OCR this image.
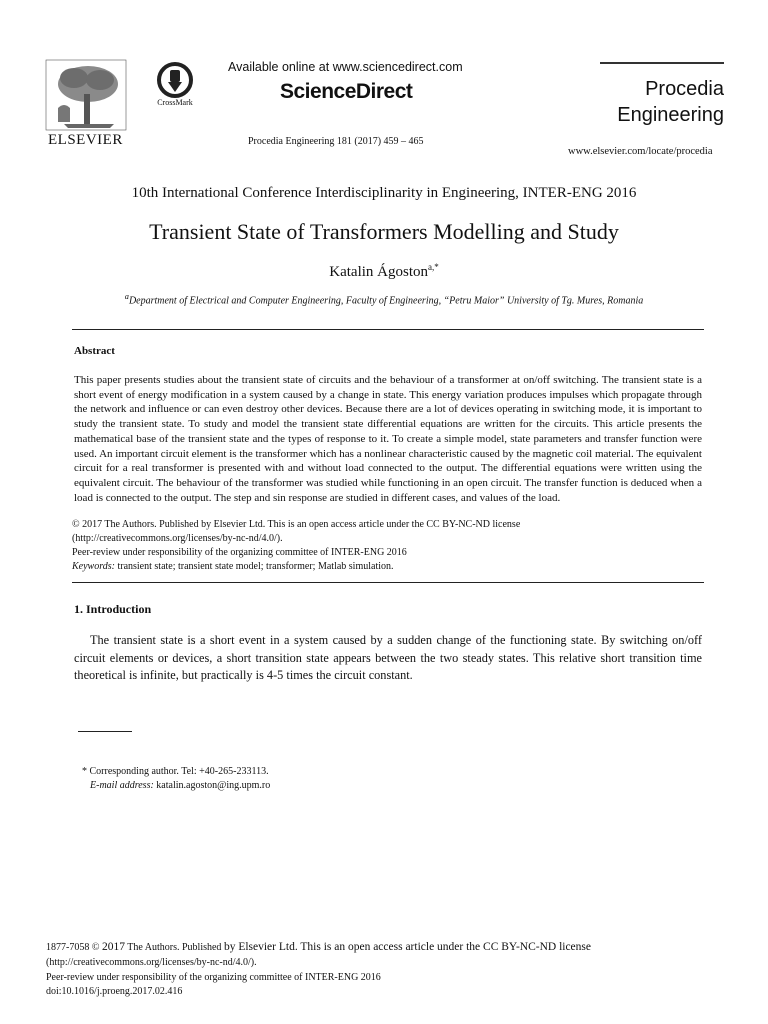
ELSEVIER
CrossMark
Available online at www.sciencedirect.com
ScienceDirect
Procedia Engineering 181 (2017) 459 – 465
Procedia
Engineering
www.elsevier.com/locate/procedia
10th International Conference Interdisciplinarity in Engineering, INTER-ENG 2016
Transient State of Transformers Modelling and Study
Katalin Ágoston$^{a,*}$
$^a$Department of Electrical and Computer Engineering, Faculty of Engineering, “Petru Maior” University of Tg. Mures, Romania
Abstract
This paper presents studies about the transient state of circuits and the behaviour of a transformer at on/off switching. The transient state is a short event of energy modification in a system caused by a change in state. This energy variation produces impulses which propagate through the network and influence or can even destroy other devices. Because there are a lot of devices operating in switching mode, it is important to study the transient state. To study and model the transient state differential equations are written for the circuits. This article presents the mathematical base of the transient state and the types of response to it. To create a simple model, state parameters and transfer function were used. An important circuit element is the transformer which has a nonlinear characteristic caused by the magnetic coil material. The equivalent circuit for a real transformer is presented with and without load connected to the output. The differential equations were written using the equivalent circuit. The behaviour of the transformer was studied while functioning in an open circuit. The transfer function is deduced when a load is connected to the output. The step and sin response are studied in different cases, and values of the load.
© 2017 The Authors. Published by Elsevier Ltd. This is an open access article under the CC BY-NC-ND license
(http://creativecommons.org/licenses/by-nc-nd/4.0/).
Peer-review under responsibility of the organizing committee of INTER-ENG 2016
Keywords: transient state; transient state model; transformer; Matlab simulation.
1. Introduction
The transient state is a short event in a system caused by a sudden change of the functioning state. By switching on/off circuit elements or devices, a short transition state appears between the two steady states. This relative short transition time theoretical is infinite, but practically is 4-5 times the circuit constant.
* Corresponding author. Tel: +40-265-233113.
E-mail address: katalin.agoston@ing.upm.ro
1877-7058 © 2017 The Authors. Published by Elsevier Ltd. This is an open access article under the CC BY-NC-ND license
(http://creativecommons.org/licenses/by-nc-nd/4.0/).
Peer-review under responsibility of the organizing committee of INTER-ENG 2016
doi:10.1016/j.proeng.2017.02.416
